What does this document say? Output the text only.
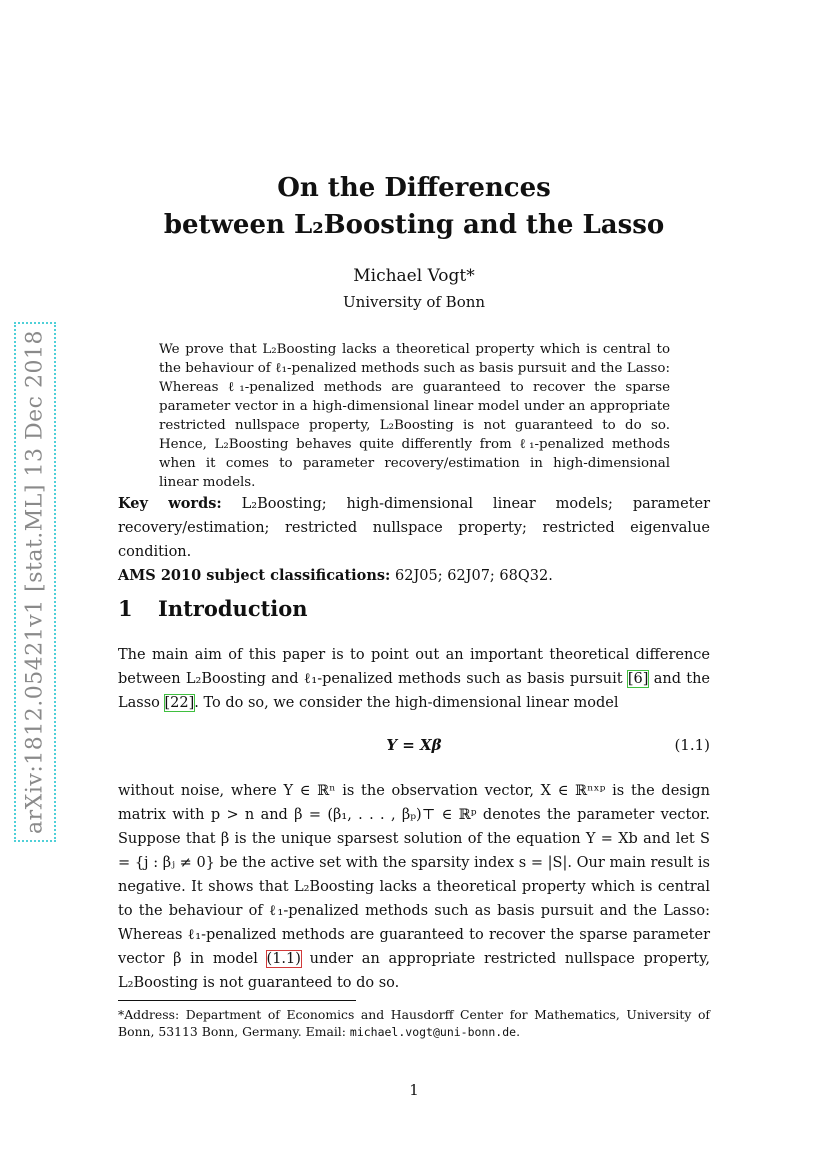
arXiv:1812.05421v1 [stat.ML] 13 Dec 2018
On the Differences
between L₂Boosting and the Lasso
Michael Vogt*
University of Bonn
We prove that L₂Boosting lacks a theoretical property which is central to the behaviour of ℓ₁-penalized methods such as basis pursuit and the Lasso: Whereas ℓ₁-penalized methods are guaranteed to recover the sparse parameter vector in a high-dimensional linear model under an appropriate restricted nullspace property, L₂Boosting is not guaranteed to do so. Hence, L₂Boosting behaves quite differently from ℓ₁-penalized methods when it comes to parameter recovery/estimation in high-dimensional linear models.
Key words: L₂Boosting; high-dimensional linear models; parameter recovery/estimation; restricted nullspace property; restricted eigenvalue condition.
AMS 2010 subject classifications: 62J05; 62J07; 68Q32.
1 Introduction
The main aim of this paper is to point out an important theoretical difference between L₂Boosting and ℓ₁-penalized methods such as basis pursuit [6] and the Lasso [22]. To do so, we consider the high-dimensional linear model
Y = Xβ	(1.1)
without noise, where Y ∈ ℝⁿ is the observation vector, X ∈ ℝⁿˣᵖ is the design matrix with p > n and β = (β₁, . . . , βₚ)⊤ ∈ ℝᵖ denotes the parameter vector. Suppose that β is the unique sparsest solution of the equation Y = Xb and let S = {j : βⱼ ≠ 0} be the active set with the sparsity index s = |S|. Our main result is negative. It shows that L₂Boosting lacks a theoretical property which is central to the behaviour of ℓ₁-penalized methods such as basis pursuit and the Lasso: Whereas ℓ₁-penalized methods are guaranteed to recover the sparse parameter vector β in model (1.1) under an appropriate restricted nullspace property, L₂Boosting is not guaranteed to do so.
*Address: Department of Economics and Hausdorff Center for Mathematics, University of Bonn, 53113 Bonn, Germany. Email: michael.vogt@uni-bonn.de.
1
